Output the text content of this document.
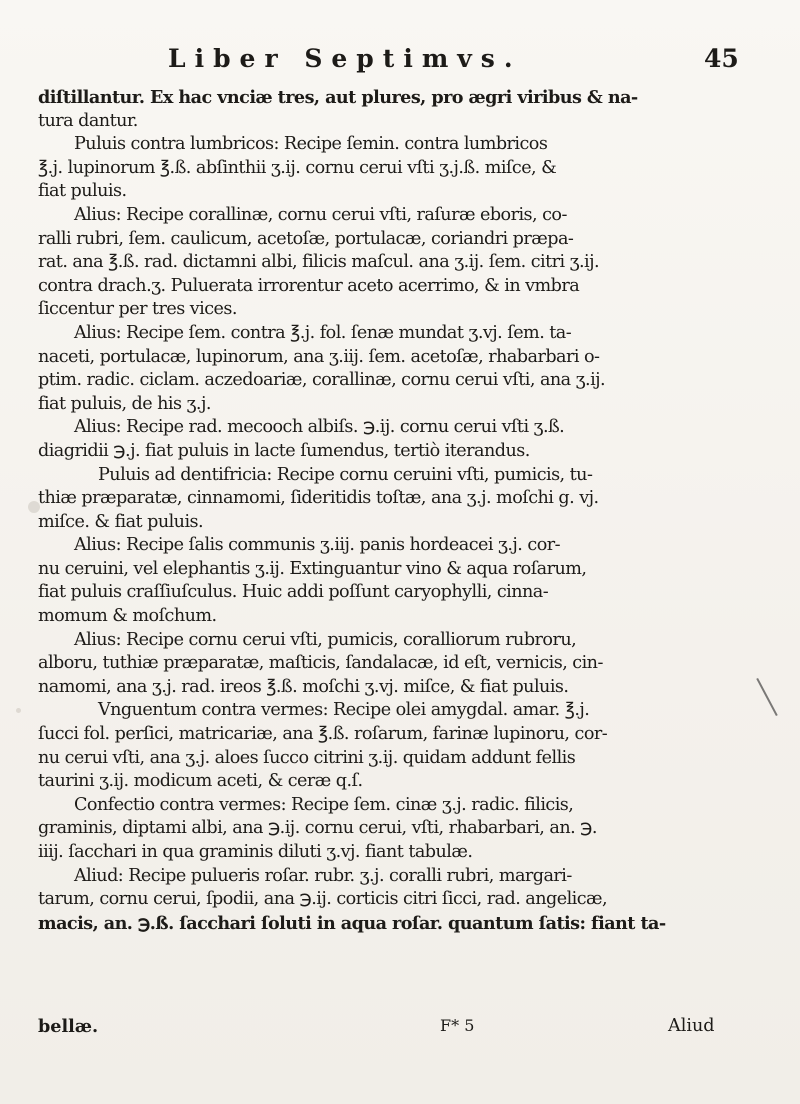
Liber Septimvs.	45
diſtillantur. Ex hac vnciæ tres, aut plures, pro ægri viribus & na-
tura dantur.
Puluis contra lumbricos: Recipe ſemin. contra lumbricos
℥.j. lupinorum ℥.ß. abſinthii ʒ.ij. cornu cerui vſti ʒ.j.ß. miſce, &
fiat puluis.
Alius: Recipe corallinæ, cornu cerui vſti, raſuræ eboris, co-
ralli rubri, ſem. caulicum, acetoſæ, portulacæ, coriandri præpa-
rat. ana ℥.ß. rad. dictamni albi, filicis maſcul. ana ʒ.ij. ſem. citri ʒ.ij.
contra drach.ʒ. Puluerata irrorentur aceto acerrimo, & in vmbra
ſiccentur per tres vices.
Alius: Recipe ſem. contra ℥.j. fol. ſenæ mundat ʒ.vj. ſem. ta-
naceti, portulacæ, lupinorum, ana ʒ.iij. ſem. acetoſæ, rhabarbari o-
ptim. radic. ciclam. aczedoariæ, corallinæ, cornu cerui vſti, ana ʒ.ij.
fiat puluis, de his ʒ.j.
Alius: Recipe rad. mecooch albiſs. ℈.ij. cornu cerui vſti ʒ.ß.
diagridii ℈.j. fiat puluis in lacte ſumendus, tertiò iterandus.
Puluis ad dentifricia: Recipe cornu ceruini vſti, pumicis, tu-
thiæ præparatæ, cinnamomi, ſideritidis toſtæ, ana ʒ.j. moſchi g. vj.
miſce. & fiat puluis.
Alius: Recipe ſalis communis ʒ.iij. panis hordeacei ʒ.j. cor-
nu ceruini, vel elephantis ʒ.ij. Extinguantur vino & aqua roſarum,
fiat puluis craſſiuſculus. Huic addi poſſunt caryophylli, cinna-
momum & moſchum.
Alius: Recipe cornu cerui vſti, pumicis, coralliorum rubroru,
alboru, tuthiæ præparatæ, maſticis, ſandalacæ, id eſt, vernicis, cin-
namomi, ana ʒ.j. rad. ireos ℥.ß. moſchi ʒ.vj. miſce, & fiat puluis.
Vnguentum contra vermes: Recipe olei amygdal. amar. ℥.j.
ſucci fol. perſici, matricariæ, ana ℥.ß. roſarum, farinæ lupinoru, cor-
nu cerui vſti, ana ʒ.j. aloes ſucco citrini ʒ.ij. quidam addunt fellis
taurini ʒ.ij. modicum aceti, & ceræ q.ſ.
Confectio contra vermes: Recipe ſem. cinæ ʒ.j. radic. filicis,
graminis, diptami albi, ana ℈.ij. cornu cerui, vſti, rhabarbari, an. ℈.
iiij. ſacchari in qua graminis diluti ʒ.vj. fiant tabulæ.
Aliud: Recipe pulueris roſar. rubr. ʒ.j. coralli rubri, margari-
tarum, cornu cerui, ſpodii, ana ℈.ij. corticis citri ſicci, rad. angelicæ,
macis, an. ℈.ß. ſacchari ſoluti in aqua roſar. quantum ſatis: fiant ta-
bellæ.	F* 5	Aliud
